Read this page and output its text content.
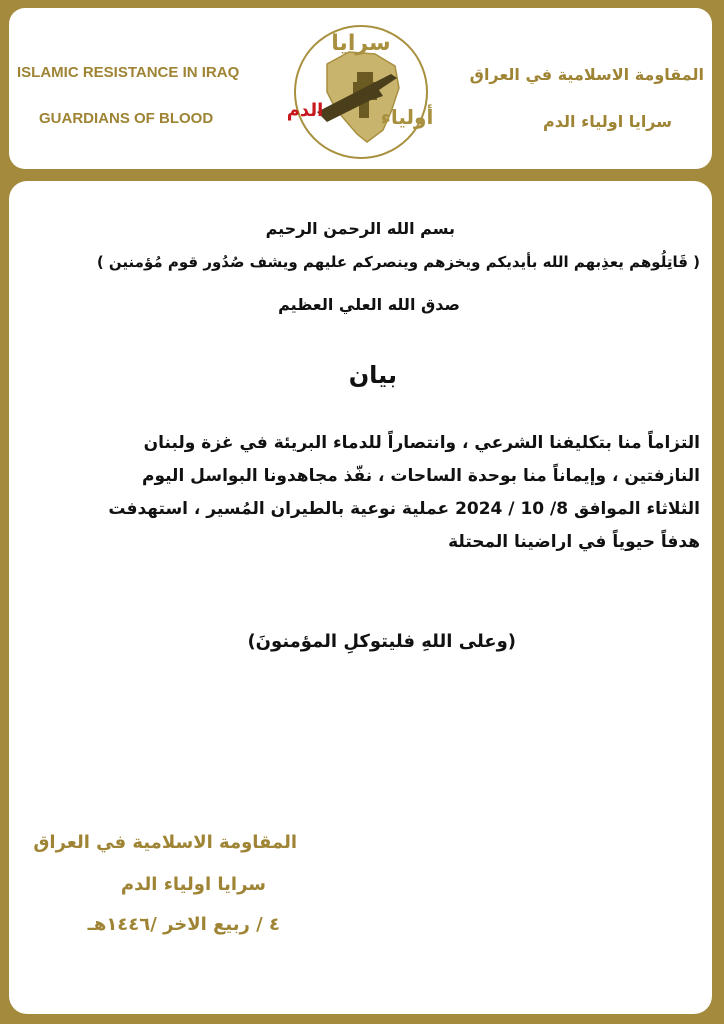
ISLAMIC RESISTANCE IN IRAQ
GUARDIANS OF BLOOD
المقاومة الاسلامية في العراق
سرايا اولياء الدم
سرايا
الدم	أولياء
بسم الله الرحمن الرحيم
( قَاتِلُوهم يعذِبهم الله بأيديكم ويخزهم وينصركم عليهم ويشف صُدُور قوم مُؤمنين )
صدق الله العلي العظيم
بيان
التزاماً منا بتكليفنا الشرعي ، وانتصاراً للدماء البريئة في غزة ولبنان
النازفتين ، وإيماناً منا بوحدة الساحات ، نفّذ مجاهدونا البواسل اليوم
الثلاثاء الموافق 8/ 10 / 2024 عملية نوعية بالطيران المُسير ، استهدفت
هدفاً حيوياً في اراضينا المحتلة
(وعلى اللهِ فليتوكلِ المؤمنونَ)
المقاومة الاسلامية في العراق
سرايا اولياء الدم
٤ / ربيع الاخر /١٤٤٦هـ
